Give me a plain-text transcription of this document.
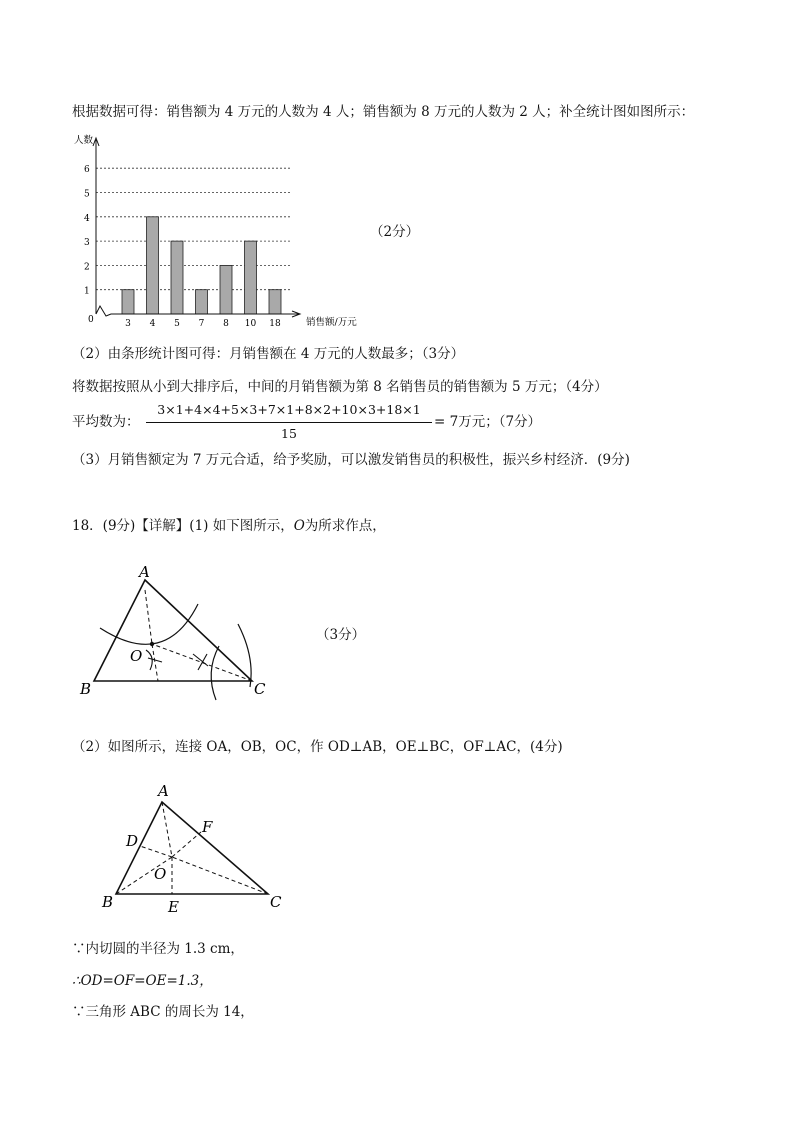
根据数据可得：销售额为 4 万元的人数为 4 人；销售额为 8 万元的人数为 2 人；补全统计图如图所示：
1
2
3
4
5
6
3 4 5 7 8 10 18
人数
销售额/万元
0
（2分）
（2）由条形统计图可得：月销售额在 4 万元的人数最多；（3分）
将数据按照从小到大排序后，中间的月销售额为第 8 名销售员的销售额为 5 万元；（4分）
平均数为：
3×1+4×4+5×3+7×1+8×2+10×3+18×1
15
= 7万元；（7分）
（3）月销售额定为 7 万元合适，给予奖励，可以激发销售员的积极性，振兴乡村经济．(9分)
18．(9分)【详解】(1) 如下图所示，O为所求作点，
A
B	C
O
（3分）
（2）如图所示，连接 OA，OB，OC，作 OD⊥AB，OE⊥BC，OF⊥AC，(4分)
A
B	C
D
E
F
O
∵内切圆的半径为 1.3 cm，
∴OD=OF=OE=1.3，
∵三角形 ABC 的周长为 14，
